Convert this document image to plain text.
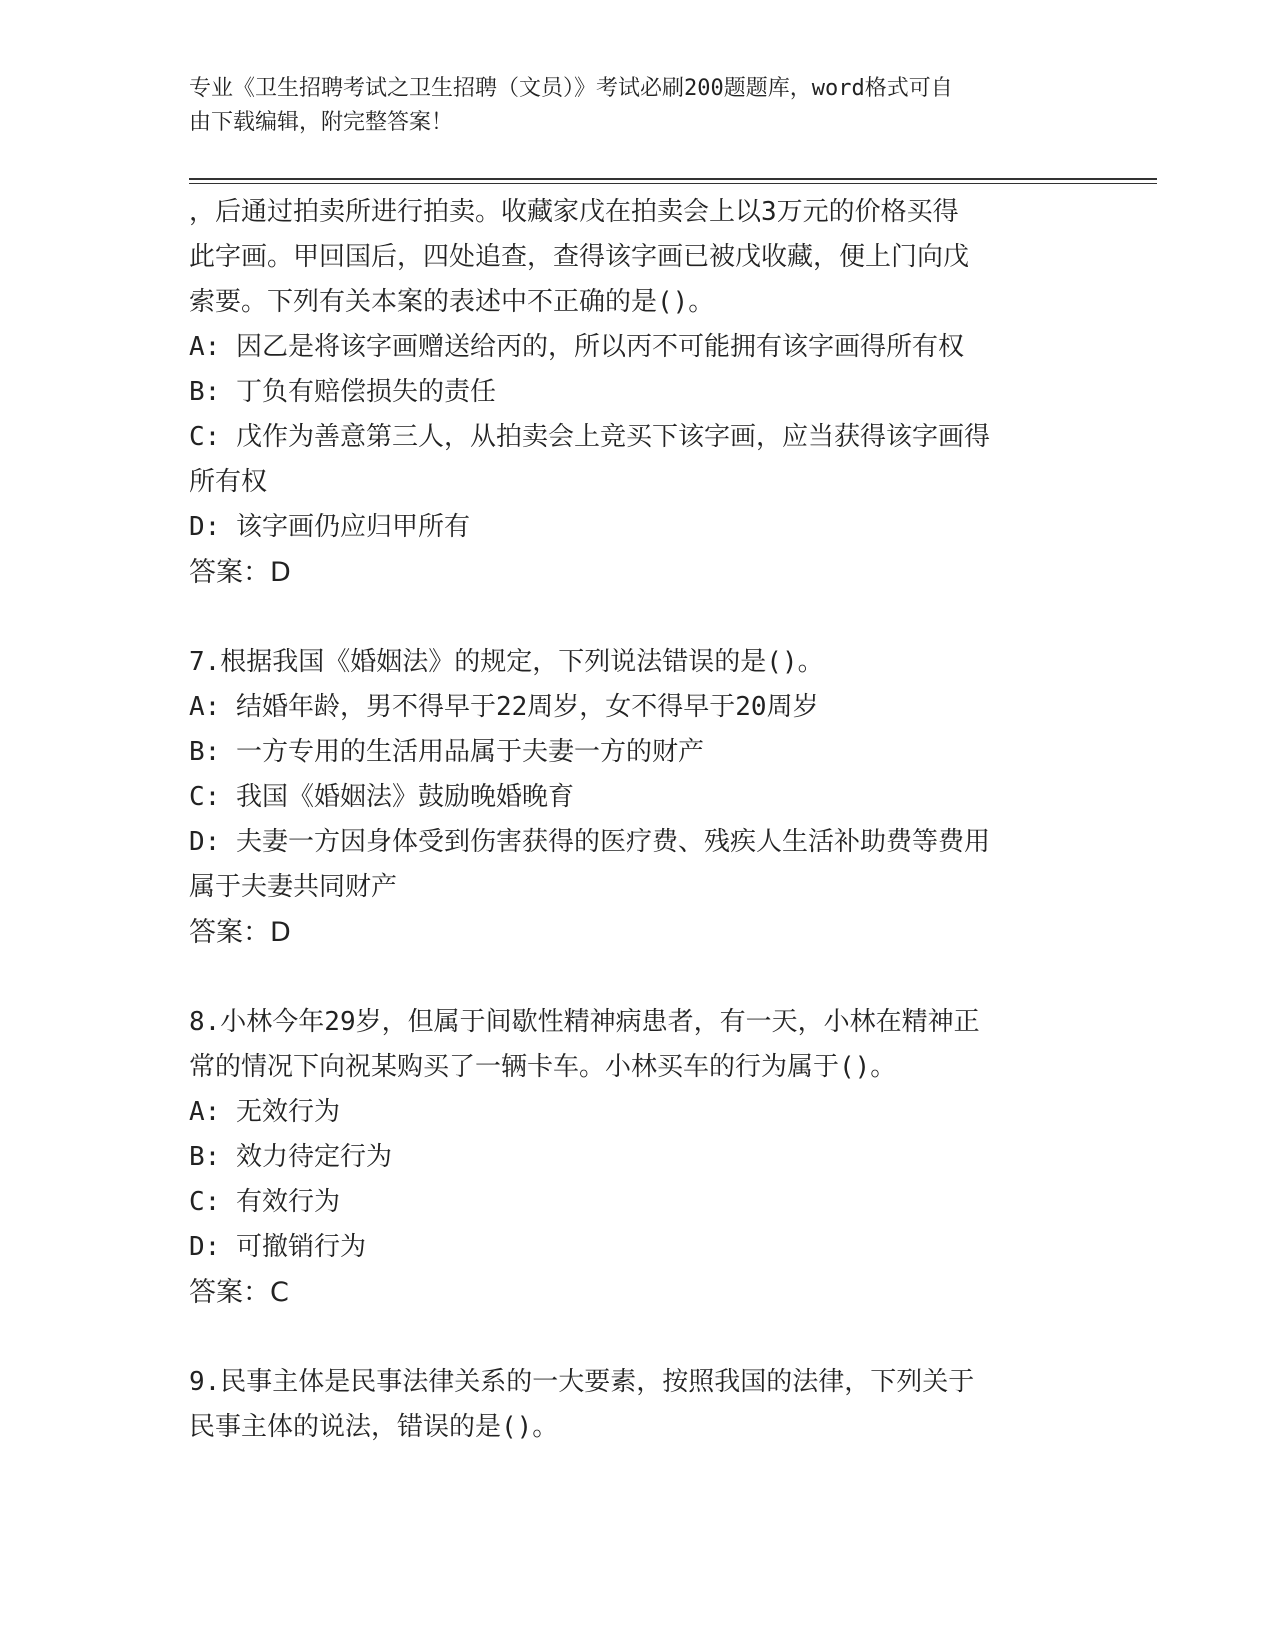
专业《卫生招聘考试之卫生招聘（文员）》考试必刷200题题库，word格式可自
由下载编辑，附完整答案！
，后通过拍卖所进行拍卖。收藏家戊在拍卖会上以3万元的价格买得
此字画。甲回国后，四处追查，查得该字画已被戊收藏，便上门向戊
索要。下列有关本案的表述中不正确的是()。
A: 因乙是将该字画赠送给丙的，所以丙不可能拥有该字画得所有权
B: 丁负有赔偿损失的责任
C: 戊作为善意第三人，从拍卖会上竞买下该字画，应当获得该字画得
所有权
D: 该字画仍应归甲所有
答案：D
7.根据我国《婚姻法》的规定，下列说法错误的是()。
A: 结婚年龄，男不得早于22周岁，女不得早于20周岁
B: 一方专用的生活用品属于夫妻一方的财产
C: 我国《婚姻法》鼓励晚婚晚育
D: 夫妻一方因身体受到伤害获得的医疗费、残疾人生活补助费等费用
属于夫妻共同财产
答案：D
8.小林今年29岁，但属于间歇性精神病患者，有一天，小林在精神正
常的情况下向祝某购买了一辆卡车。小林买车的行为属于()。
A: 无效行为
B: 效力待定行为
C: 有效行为
D: 可撤销行为
答案：C
9.民事主体是民事法律关系的一大要素，按照我国的法律，下列关于
民事主体的说法，错误的是()。
